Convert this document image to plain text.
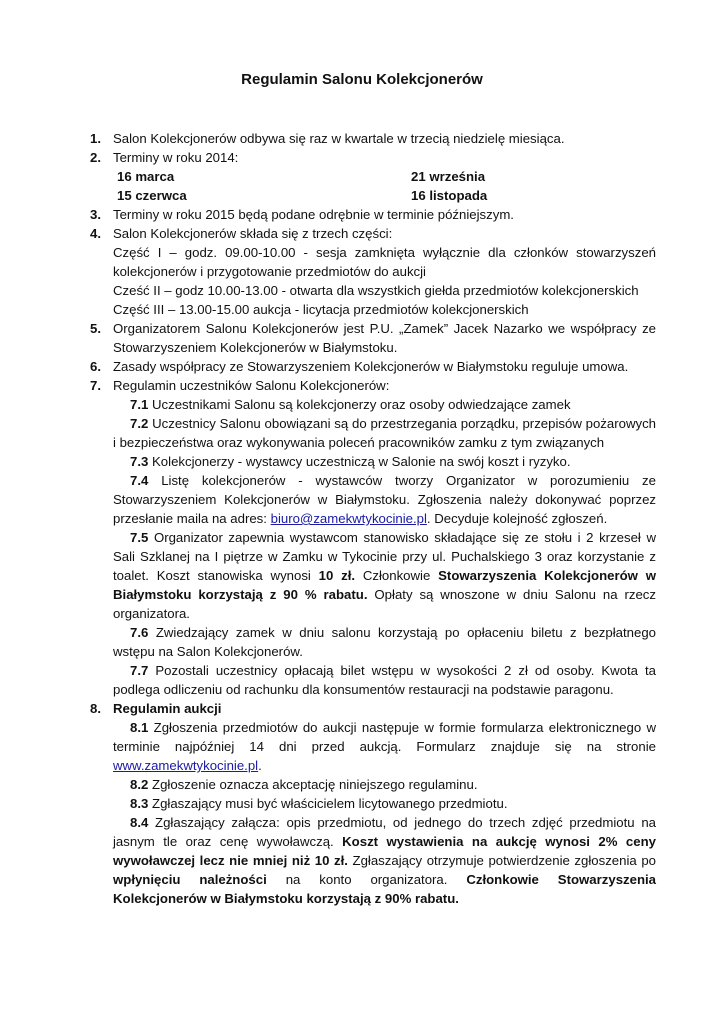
Regulamin Salonu Kolekcjonerów
1. Salon Kolekcjonerów odbywa się raz w kwartale w trzecią niedzielę miesiąca.
2. Terminy w roku 2014:
16 marca	21 września
15 czerwca	16 listopada
3. Terminy w roku 2015 będą podane odrębnie w terminie późniejszym.
4. Salon Kolekcjonerów składa się z trzech części:
Część I – godz. 09.00-10.00 - sesja zamknięta wyłącznie dla członków stowarzyszeń kolekcjonerów i przygotowanie przedmiotów do aukcji
Cześć II – godz 10.00-13.00 - otwarta dla wszystkich giełda przedmiotów kolekcjonerskich
Część III – 13.00-15.00 aukcja - licytacja przedmiotów kolekcjonerskich
5. Organizatorem Salonu Kolekcjonerów jest P.U. „Zamek” Jacek Nazarko we współpracy ze Stowarzyszeniem Kolekcjonerów w Białymstoku.
6. Zasady współpracy ze Stowarzyszeniem Kolekcjonerów w Białymstoku reguluje umowa.
7. Regulamin uczestników Salonu Kolekcjonerów:
7.1 Uczestnikami Salonu są kolekcjonerzy oraz osoby odwiedzające zamek
7.2 Uczestnicy Salonu obowiązani są do przestrzegania porządku, przepisów pożarowych i bezpieczeństwa oraz wykonywania poleceń pracowników zamku z tym związanych
7.3 Kolekcjonerzy - wystawcy uczestniczą w Salonie na swój koszt i ryzyko.
7.4 Listę kolekcjonerów - wystawców tworzy Organizator w porozumieniu ze Stowarzyszeniem Kolekcjonerów w Białymstoku. Zgłoszenia należy dokonywać poprzez przesłanie maila na adres: biuro@zamekwtykocinie.pl. Decyduje kolejność zgłoszeń.
7.5 Organizator zapewnia wystawcom stanowisko składające się ze stołu i 2 krzeseł w Sali Szklanej na I piętrze w Zamku w Tykocinie przy ul. Puchalskiego 3 oraz korzystanie z toalet. Koszt stanowiska wynosi 10 zł. Członkowie Stowarzyszenia Kolekcjonerów w Białymstoku korzystają z 90 % rabatu. Opłaty są wnoszone w dniu Salonu na rzecz organizatora.
7.6 Zwiedzający zamek w dniu salonu korzystają po opłaceniu biletu z bezpłatnego wstępu na Salon Kolekcjonerów.
7.7 Pozostali uczestnicy opłacają bilet wstępu w wysokości 2 zł od osoby. Kwota ta podlega odliczeniu od rachunku dla konsumentów restauracji na podstawie paragonu.
8. Regulamin aukcji
8.1 Zgłoszenia przedmiotów do aukcji następuje w formie formularza elektronicznego w terminie najpóźniej 14 dni przed aukcją. Formularz znajduje się na stronie www.zamekwtykocinie.pl.
8.2 Zgłoszenie oznacza akceptację niniejszego regulaminu.
8.3 Zgłaszający musi być właścicielem licytowanego przedmiotu.
8.4 Zgłaszający załącza: opis przedmiotu, od jednego do trzech zdjęć przedmiotu na jasnym tle oraz cenę wywoławczą. Koszt wystawienia na aukcję wynosi 2% ceny wywoławczej lecz nie mniej niż 10 zł. Zgłaszający otrzymuje potwierdzenie zgłoszenia po wpłynięciu należności na konto organizatora. Członkowie Stowarzyszenia Kolekcjonerów w Białymstoku korzystają z 90% rabatu.
